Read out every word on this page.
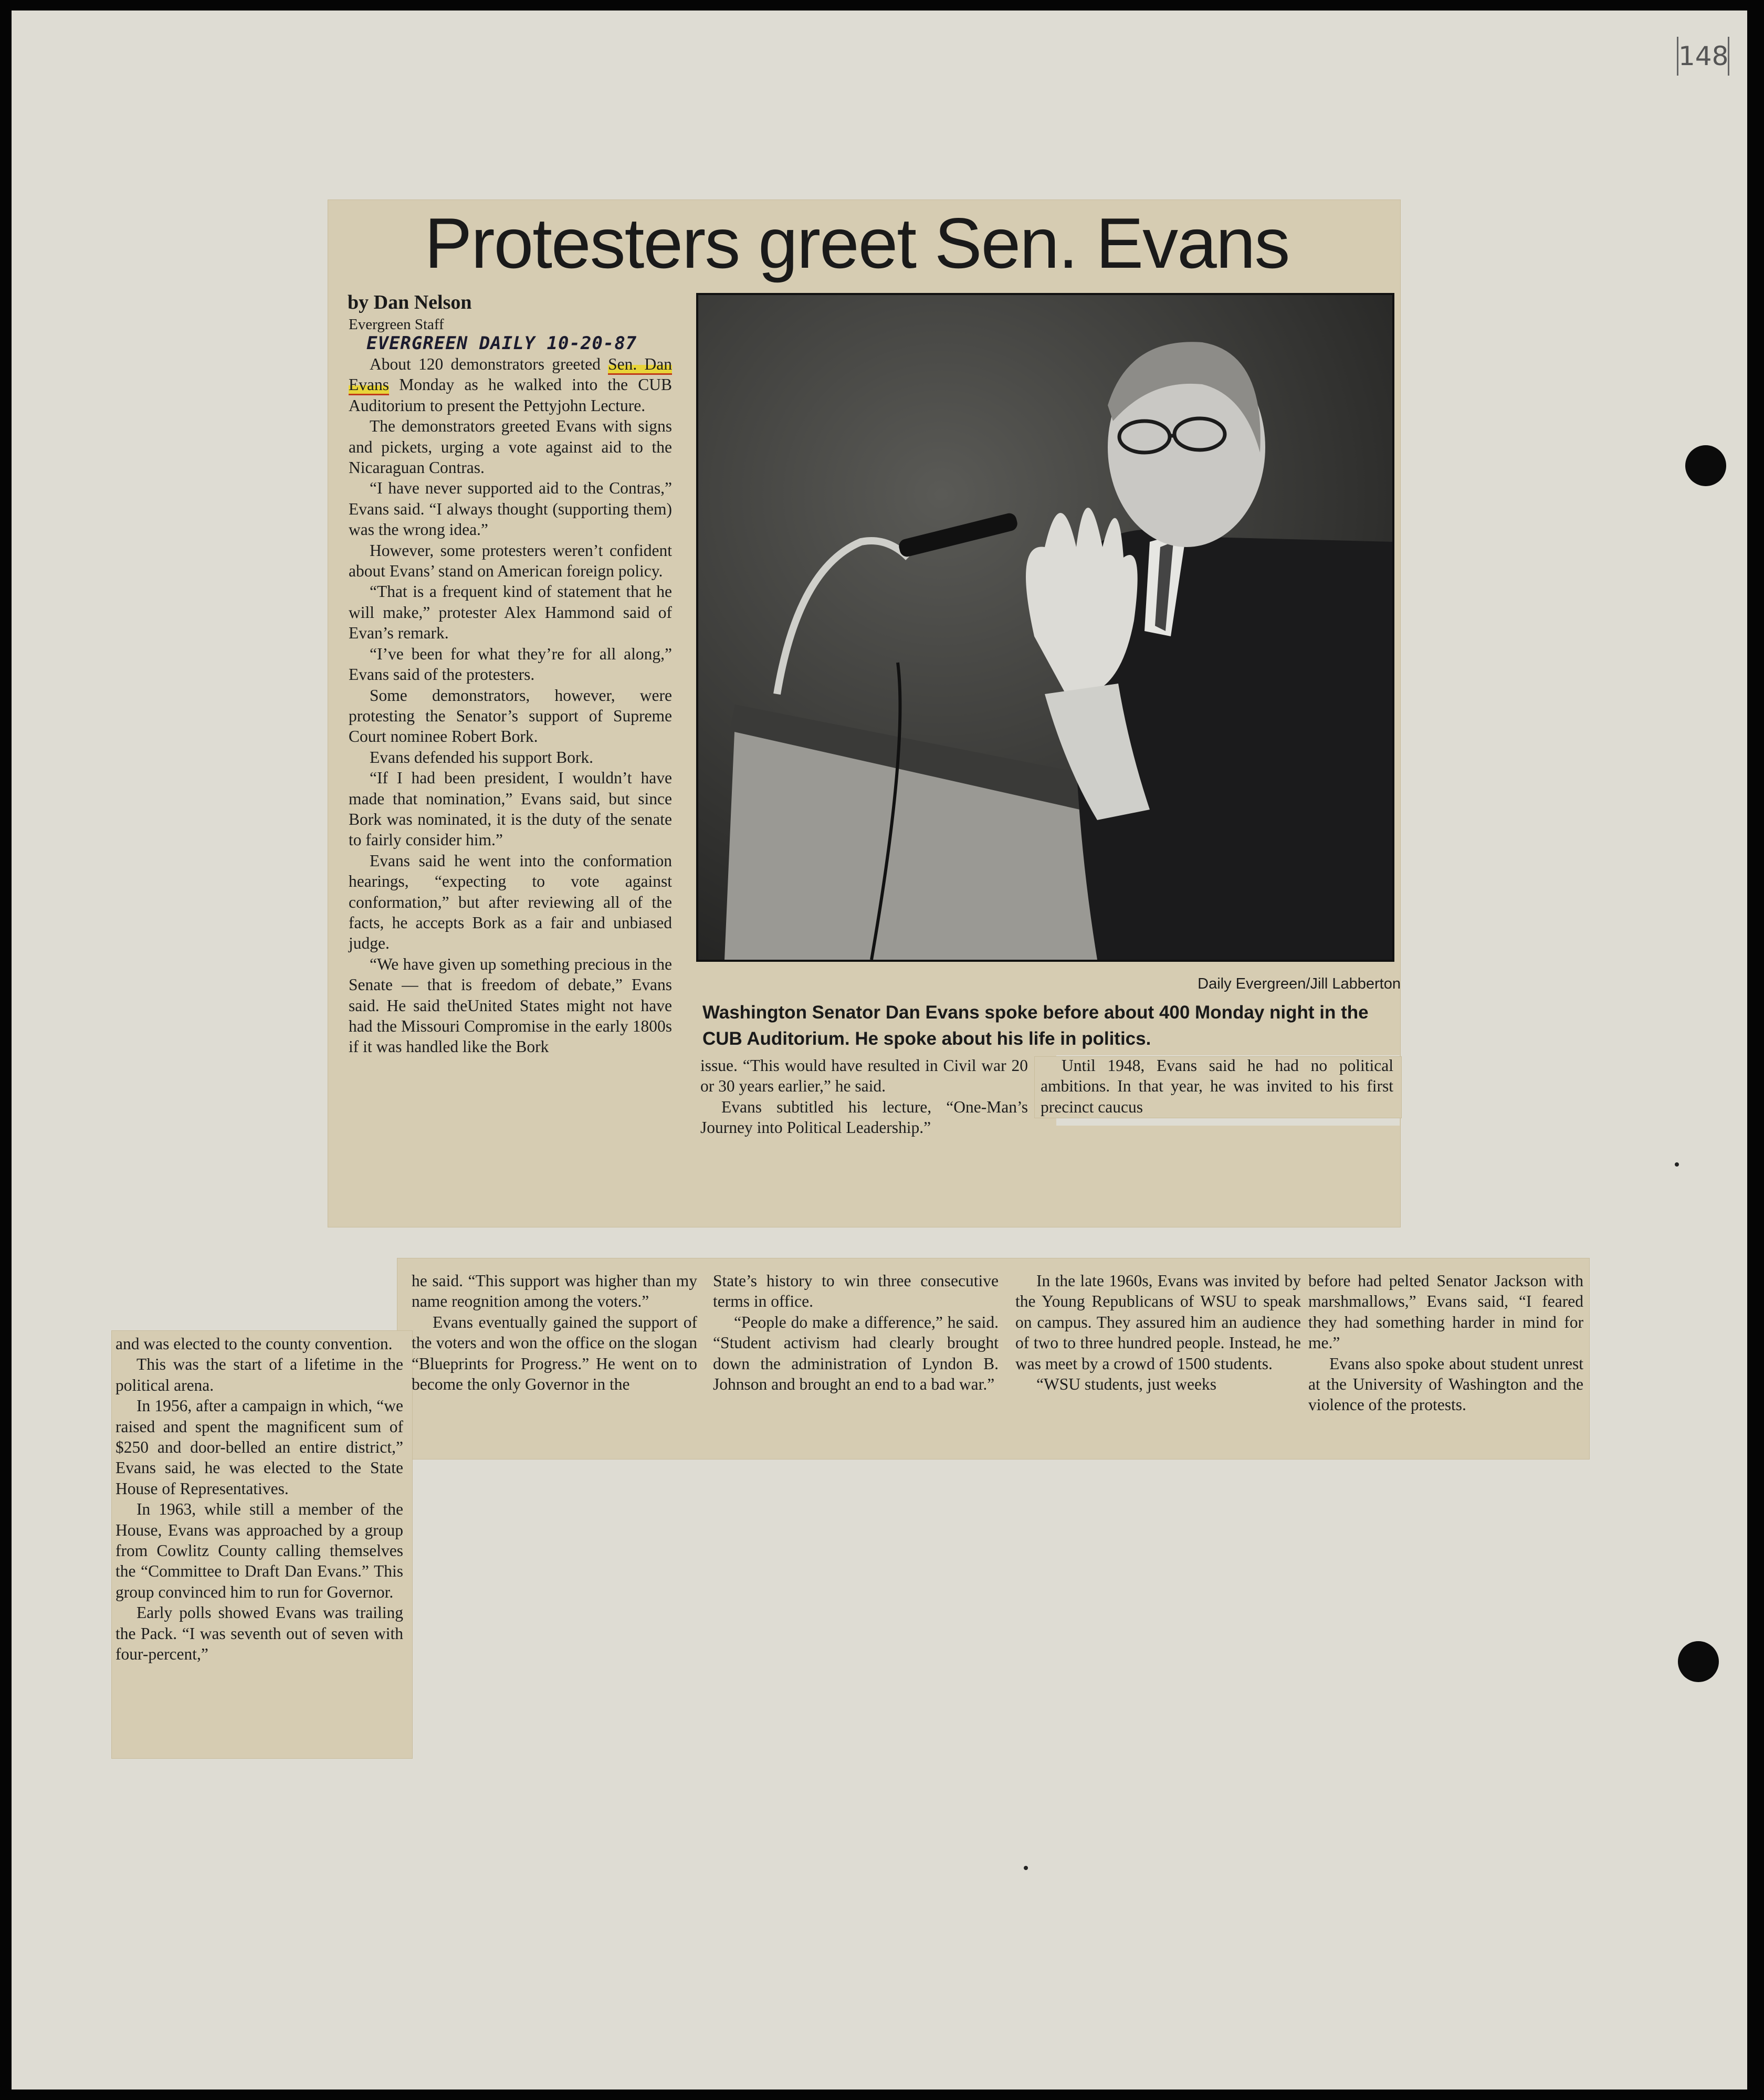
148
Protesters greet Sen. Evans
by Dan Nelson
Evergreen Staff
EVERGREEN DAILY 10-20-87

About 120 demonstrators greeted Sen. Dan Evans Monday as he walked into the CUB Auditorium to present the Pettyjohn Lecture.

The demonstrators greeted Evans with signs and pickets, urging a vote against aid to the Nicaraguan Contras.

“I have never supported aid to the Contras,” Evans said. “I always thought (supporting them) was the wrong idea.”

However, some protesters weren’t confident about Evans’ stand on American foreign policy.

“That is a frequent kind of statement that he will make,” protester Alex Hammond said of Evan’s remark.

“I’ve been for what they’re for all along,” Evans said of the protesters.

Some demonstrators, however, were protesting the Senator’s support of Supreme Court nominee Robert Bork.

Evans defended his support Bork.

“If I had been president, I wouldn’t have made that nomination,” Evans said, but since Bork was nominated, it is the duty of the senate to fairly consider him.”

Evans said he went into the conformation hearings, “expecting to vote against conformation,” but after reviewing all of the facts, he accepts Bork as a fair and unbiased judge.

“We have given up something precious in the Senate — that is freedom of debate,” Evans said. He said theUnited States might not have had the Missouri Compromise in the early 1800s if it was handled like the Bork

Daily Evergreen/Jill Labberton

Washington Senator Dan Evans spoke before about 400 Monday night in the CUB Auditorium. He spoke about his life in politics.

issue. “This would have resulted in Civil war 20 or 30 years earlier,” he said.

Evans subtitled his lecture, “One-Man’s Journey into Political Leadership.”

Until 1948, Evans said he had no political ambitions. In that year, he was invited to his first precinct caucus

and was elected to the county convention.

This was the start of a lifetime in the political arena.

In 1956, after a campaign in which, “we raised and spent the magnificent sum of $250 and door-belled an entire district,” Evans said, he was elected to the State House of Representatives.

In 1963, while still a member of the House, Evans was approached by a group from Cowlitz County calling themselves the “Committee to Draft Dan Evans.” This group convinced him to run for Governor.

Early polls showed Evans was trailing the Pack. “I was seventh out of seven with four-percent,”

he said. “This support was higher than my name reognition among the voters.”

Evans eventually gained the support of the voters and won the office on the slogan “Blueprints for Progress.” He went on to become the only Governor in the

State’s history to win three consecutive terms in office.

“People do make a difference,” he said. “Student activism had clearly brought down the administration of Lyndon B. Johnson and brought an end to a bad war.”

In the late 1960s, Evans was invited by the Young Republicans of WSU to speak on campus. They assured him an audience of two to three hundred people. Instead, he was meet by a crowd of 1500 students.

“WSU students, just weeks

before had pelted Senator Jackson with marshmallows,” Evans said, “I feared they had something harder in mind for me.”

Evans also spoke about student unrest at the University of Washington and the violence of the protests.
